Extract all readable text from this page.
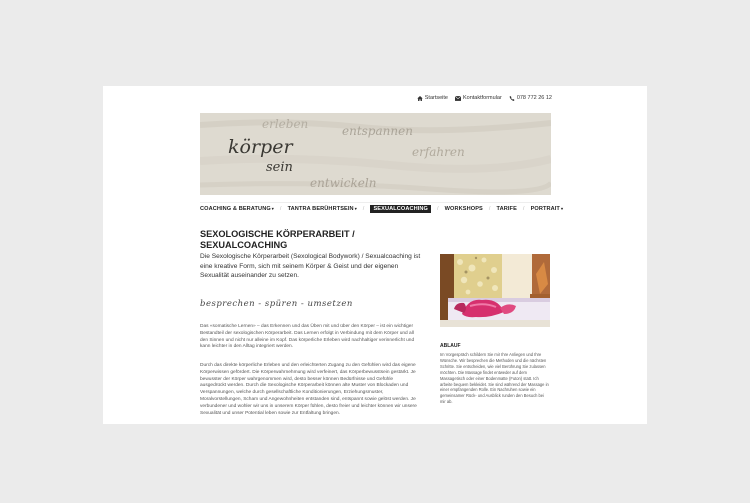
Startseite	Kontaktformular	078 772 26 12
erleben	entspannen
erfahren
entwickeln
körper
sein
COACHING & BERATUNG▾ / TANTRA BERÜHRTSEIN▾ /	SEXUALCOACHING	/ WORKSHOPS / TARIFE / PORTRAIT▾
SEXOLOGISCHE KÖRPERARBEIT / SEXUALCOACHING
Die Sexologische Körperarbeit (Sexological Bodywork) / Sexualcoaching ist eine kreative Form, sich mit seinem Körper & Geist und der eigenen Sexualität auseinander zu setzen.
besprechen - spüren - umsetzen
Das «somatische Lernen» – das Erkennen und das Üben mit und über den Körper – ist ein wichtiger Bestandteil der sexologischen Körperarbeit. Das Lernen erfolgt in Verbindung mit dem Körper und all den Sinnen und nicht nur alleine im Kopf. Das körperliche Erleben wird nachhaltiger verinnerlicht und kann leichter in den Alltag integriert werden.
Durch das direkte körperliche Erleben und den erleichterten Zugang zu den Gefühlen wird das eigene Körperwissen gefördert. Die Körperwahrnehmung wird verfeinert, das Körperbewusstsein gestärkt. Je bewusster der Körper wahrgenommen wird, desto besser können Bedürfnisse und Gefühle ausgedrückt werden. Durch die Sexologische Körperarbeit können alte Muster von Blockaden und Verspannungen, welche durch gesellschaftliche Konditionierungen, Erziehungsmuster, Moralvorstellungen, Scham und Angewohnheiten entstanden sind, entspannt sowie gelöst werden. Je verbundener und wohler wir uns in unserem Körper fühlen, desto freier und leichter können wir unsere Sexualität und unser Potential leben sowie zur Entfaltung bringen.
ABLAUF
Im Vorgespräch schildern Sie mir Ihre Anliegen und Ihre Wünsche. Wir besprechen die Methoden und die nächsten Schritte. Sie entscheiden, wie viel Berührung Sie zulassen möchten. Die Massage findet entweder auf dem Massagetisch oder einer Bodenmatte (Futon) statt. Ich arbeite bequem bekleidet. Sie sind während der Massage in einer empfangenden Rolle. Ein Nachruhen sowie ein gemeinsamer Rück- und Ausblick runden den Besuch bei mir ab.
